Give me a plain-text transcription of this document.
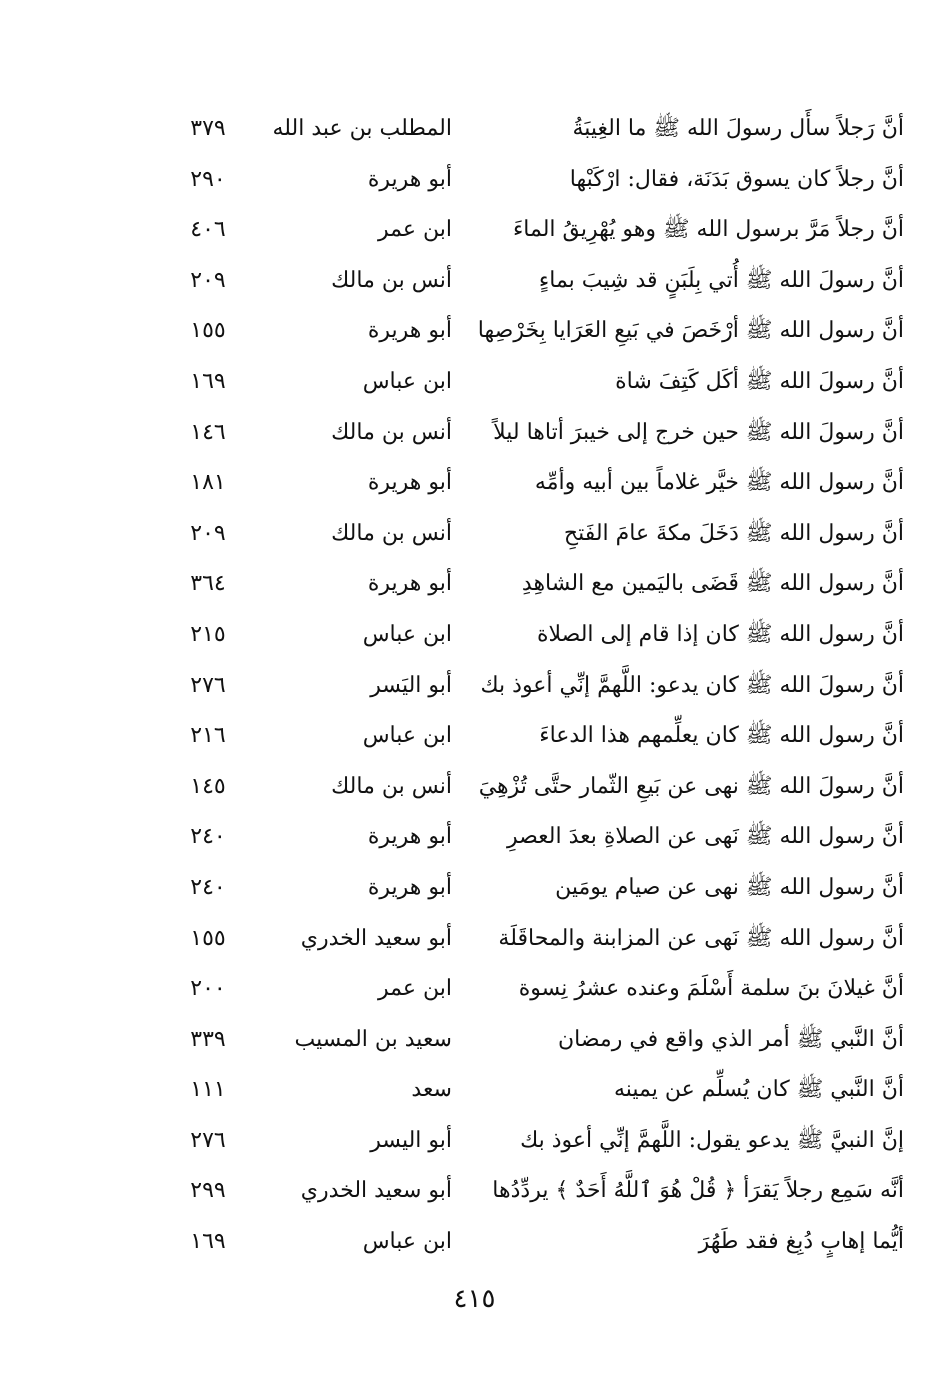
أنَّ رَجلاً سأَل رسولَ الله ﷺ ما الغِيبَةُ
المطلب بن عبد الله
٣٧٩
أنَّ رجلاً كان يسوق بَدَنَة، فقال: ارْكَبْها
أبو هريرة
٢٩٠
أنَّ رجلاً مَرَّ برسول الله ﷺ وهو يُهْرِيقُ الماءَ
ابن عمر
٤٠٦
أنَّ رسولَ الله ﷺ أُتي بِلَبَنٍ قد شِيبَ بماءٍ
أنس بن مالك
٢٠٩
أنَّ رسول الله ﷺ أرْخَصَ في بَيعِ العَرَايا بِخَرْصِها
أبو هريرة
١٥٥
أنَّ رسولَ الله ﷺ أكَل كَتِفَ شاة
ابن عباس
١٦٩
أنَّ رسولَ الله ﷺ حين خرج إلى خيبرَ أتاها ليلاً
أنس بن مالك
١٤٦
أنَّ رسول الله ﷺ خيَّر غلاماً بين أبيه وأمِّه
أبو هريرة
١٨١
أنَّ رسول الله ﷺ دَخَلَ مكةَ عامَ الفَتحِ
أنس بن مالك
٢٠٩
أنَّ رسول الله ﷺ قَضَى باليَمين مع الشاهِدِ
أبو هريرة
٣٦٤
أنَّ رسول الله ﷺ كان إذا قام إلى الصلاة
ابن عباس
٢١٥
أنَّ رسولَ الله ﷺ كان يدعو: اللَّهمَّ إنِّي أعوذ بك
أبو اليَسر
٢٧٦
أنَّ رسول الله ﷺ كان يعلِّمهم هذا الدعاءَ
ابن عباس
٢١٦
أنَّ رسولَ الله ﷺ نهى عن بَيعِ الثّمار حتَّى تُزْهِيَ
أنس بن مالك
١٤٥
أنَّ رسول الله ﷺ نَهى عن الصلاةِ بعدَ العصرِ
أبو هريرة
٢٤٠
أنَّ رسول الله ﷺ نهى عن صيام يومَين
أبو هريرة
٢٤٠
أنَّ رسول الله ﷺ نَهى عن المزابنة والمحاقَلَة
أبو سعيد الخدري
١٥٥
أنَّ غيلانَ بنَ سلمة أَسْلَمَ وعنده عشرُ نِسوة
ابن عمر
٢٠٠
أنَّ النَّبي ﷺ أمر الذي واقع في رمضان
سعيد بن المسيب
٣٣٩
أنَّ النَّبي ﷺ كان يُسلِّم عن يمينه
سعد
١١١
إنَّ النبيَّ ﷺ يدعو يقول: اللَّهمَّ إنِّي أعوذ بك
أبو اليسر
٢٧٦
أنَّه سَمِع رجلاً يَقرَأ ﴿ قُلْ هُوَ ٱللَّهُ أَحَدٌ ﴾ يردِّدُها
أبو سعيد الخدري
٢٩٩
أيُّما إهابٍ دُبِغ فقد طَهُرَ
ابن عباس
١٦٩
٤١٥
